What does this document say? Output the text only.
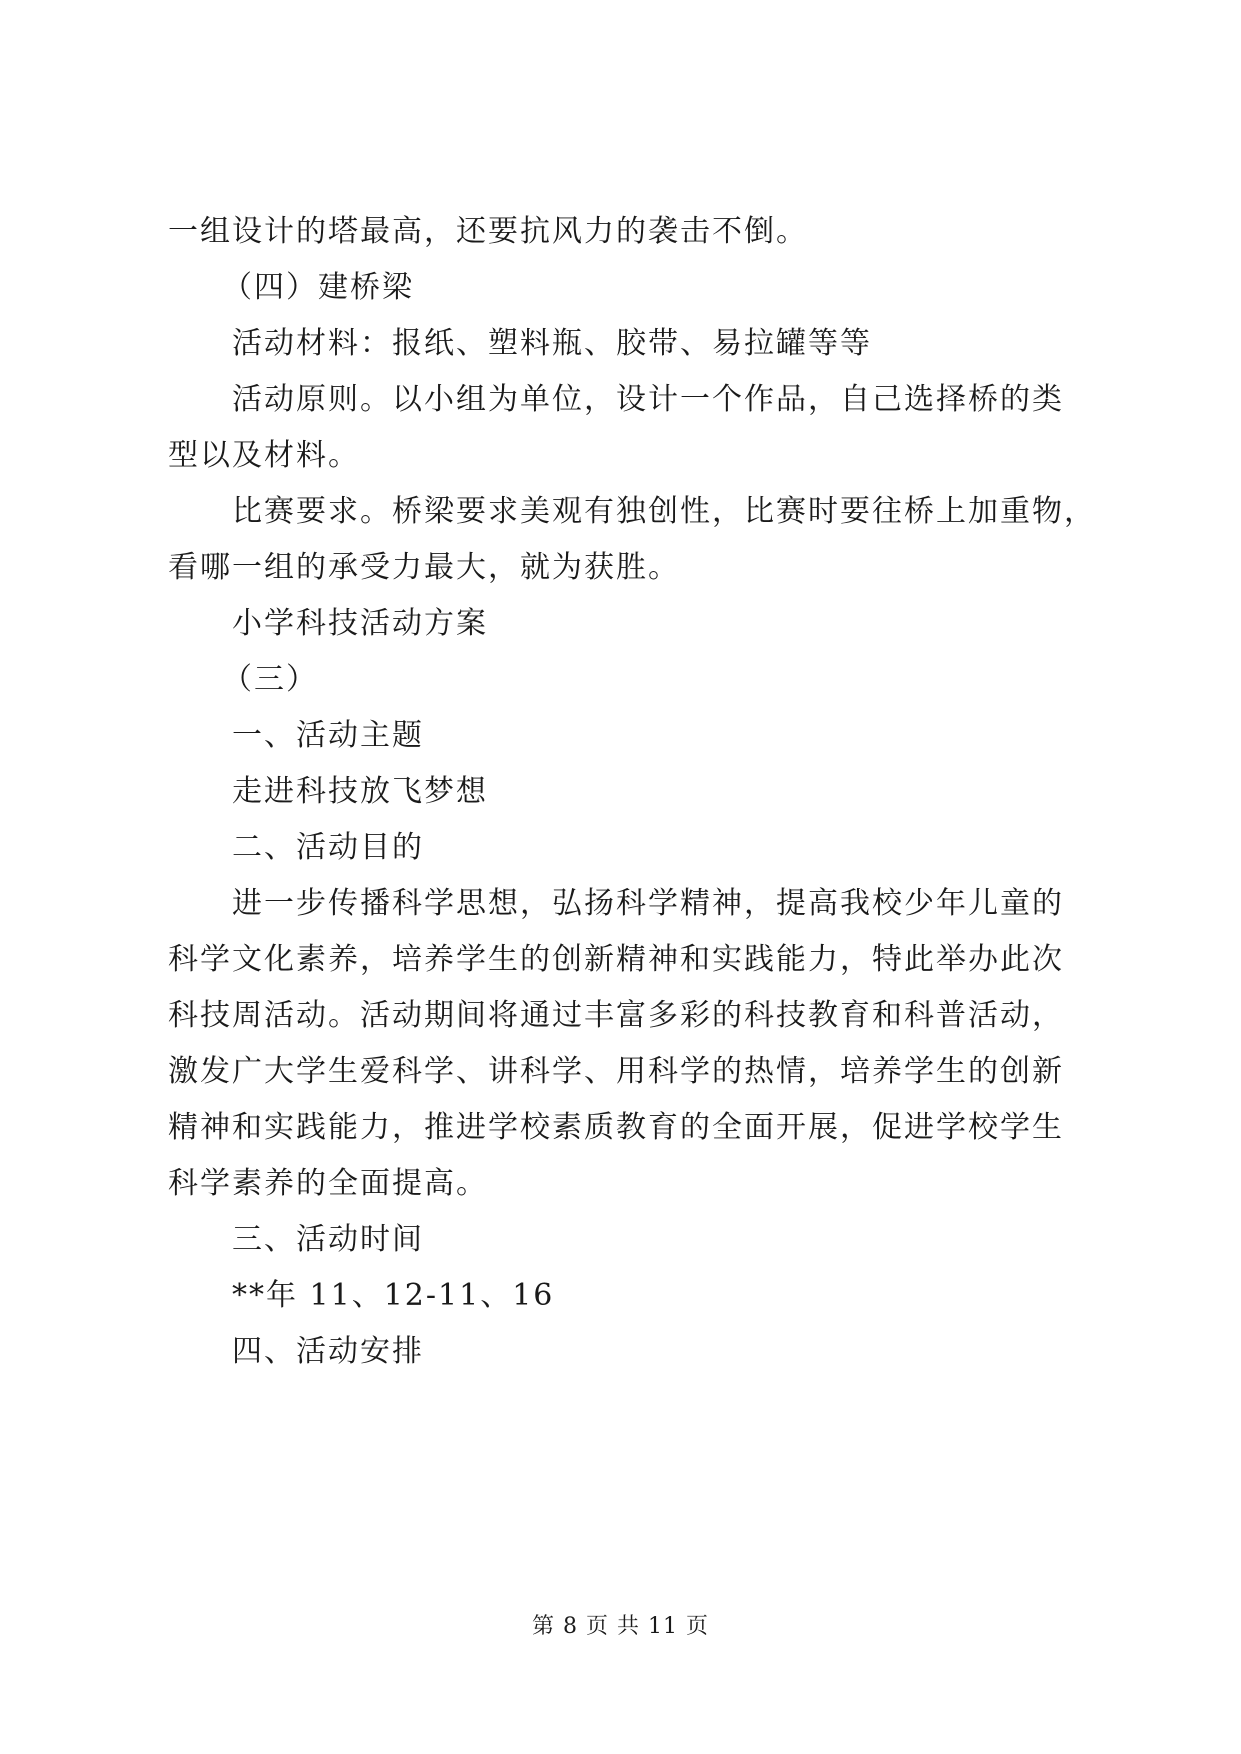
一组设计的塔最高，还要抗风力的袭击不倒。
（四）建桥梁
活动材料：报纸、塑料瓶、胶带、易拉罐等等
活动原则。以小组为单位，设计一个作品，自己选择桥的类
型以及材料。
比赛要求。桥梁要求美观有独创性，比赛时要往桥上加重物，
看哪一组的承受力最大，就为获胜。
小学科技活动方案
（三）
一、活动主题
走进科技放飞梦想
二、活动目的
进一步传播科学思想，弘扬科学精神，提高我校少年儿童的
科学文化素养，培养学生的创新精神和实践能力，特此举办此次
科技周活动。活动期间将通过丰富多彩的科技教育和科普活动，
激发广大学生爱科学、讲科学、用科学的热情，培养学生的创新
精神和实践能力，推进学校素质教育的全面开展，促进学校学生
科学素养的全面提高。
三、活动时间
**年 11、12-11、16
四、活动安排
第 8 页 共 11 页
